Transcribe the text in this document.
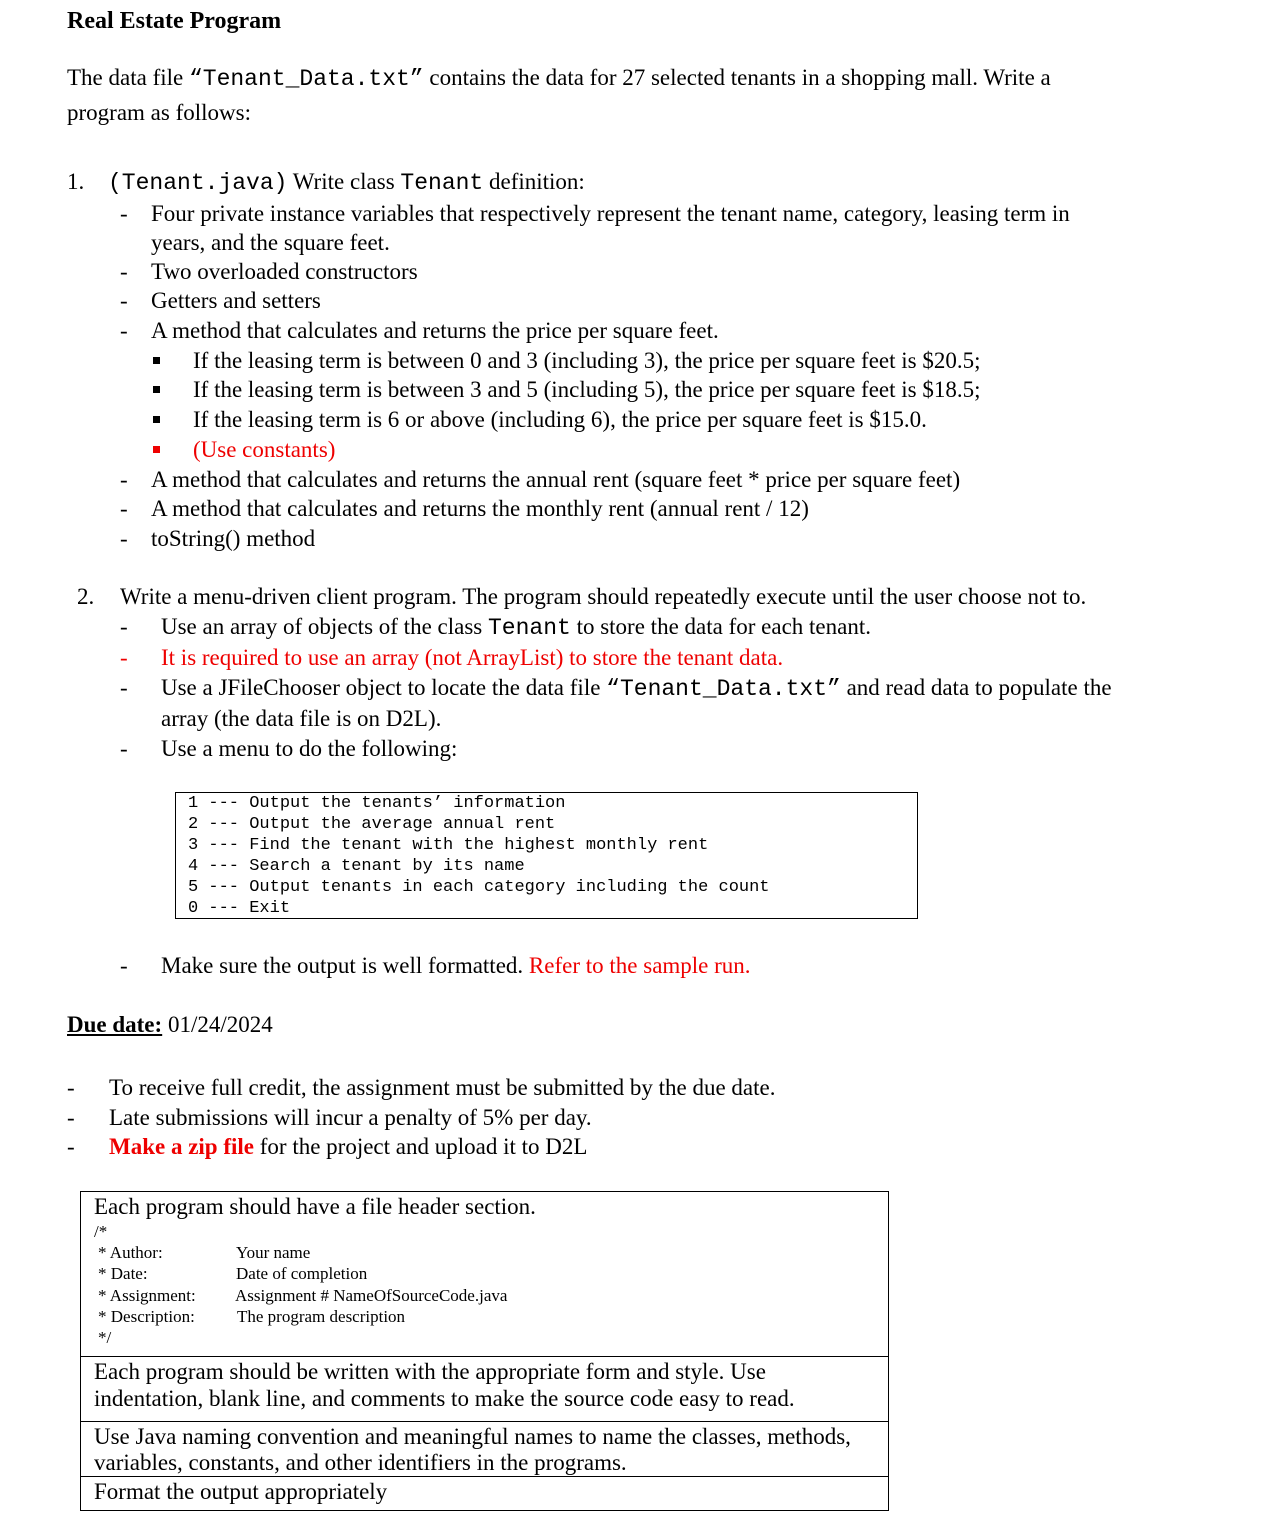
Real Estate Program
The data file “Tenant_Data.txt” contains the data for 27 selected tenants in a shopping mall. Write a
program as follows:
1. (Tenant.java) Write class Tenant definition:
- Four private instance variables that respectively represent the tenant name, category, leasing term in
years, and the square feet.
- Two overloaded constructors
- Getters and setters
- A method that calculates and returns the price per square feet.
If the leasing term is between 0 and 3 (including 3), the price per square feet is $20.5;
If the leasing term is between 3 and 5 (including 5), the price per square feet is $18.5;
If the leasing term is 6 or above (including 6), the price per square feet is $15.0.
(Use constants)
- A method that calculates and returns the annual rent (square feet * price per square feet)
- A method that calculates and returns the monthly rent (annual rent / 12)
- toString() method
2. Write a menu-driven client program. The program should repeatedly execute until the user choose not to.
- Use an array of objects of the class Tenant to store the data for each tenant.
- It is required to use an array (not ArrayList) to store the tenant data.
- Use a JFileChooser object to locate the data file “Tenant_Data.txt” and read data to populate the
array (the data file is on D2L).
- Use a menu to do the following:
1 --- Output the tenants’ information
2 --- Output the average annual rent
3 --- Find the tenant with the highest monthly rent
4 --- Search a tenant by its name
5 --- Output tenants in each category including the count
0 --- Exit
- Make sure the output is well formatted. Refer to the sample run.
Due date: 01/24/2024
- To receive full credit, the assignment must be submitted by the due date.
- Late submissions will incur a penalty of 5% per day.
- Make a zip file for the project and upload it to D2L
Each program should have a file header section.
/*
* Author:	Your name
* Date:	Date of completion
* Assignment: Assignment # NameOfSourceCode.java
* Description: The program description
*/
Each program should be written with the appropriate form and style. Use
indentation, blank line, and comments to make the source code easy to read.
Use Java naming convention and meaningful names to name the classes, methods,
variables, constants, and other identifiers in the programs.
Format the output appropriately
